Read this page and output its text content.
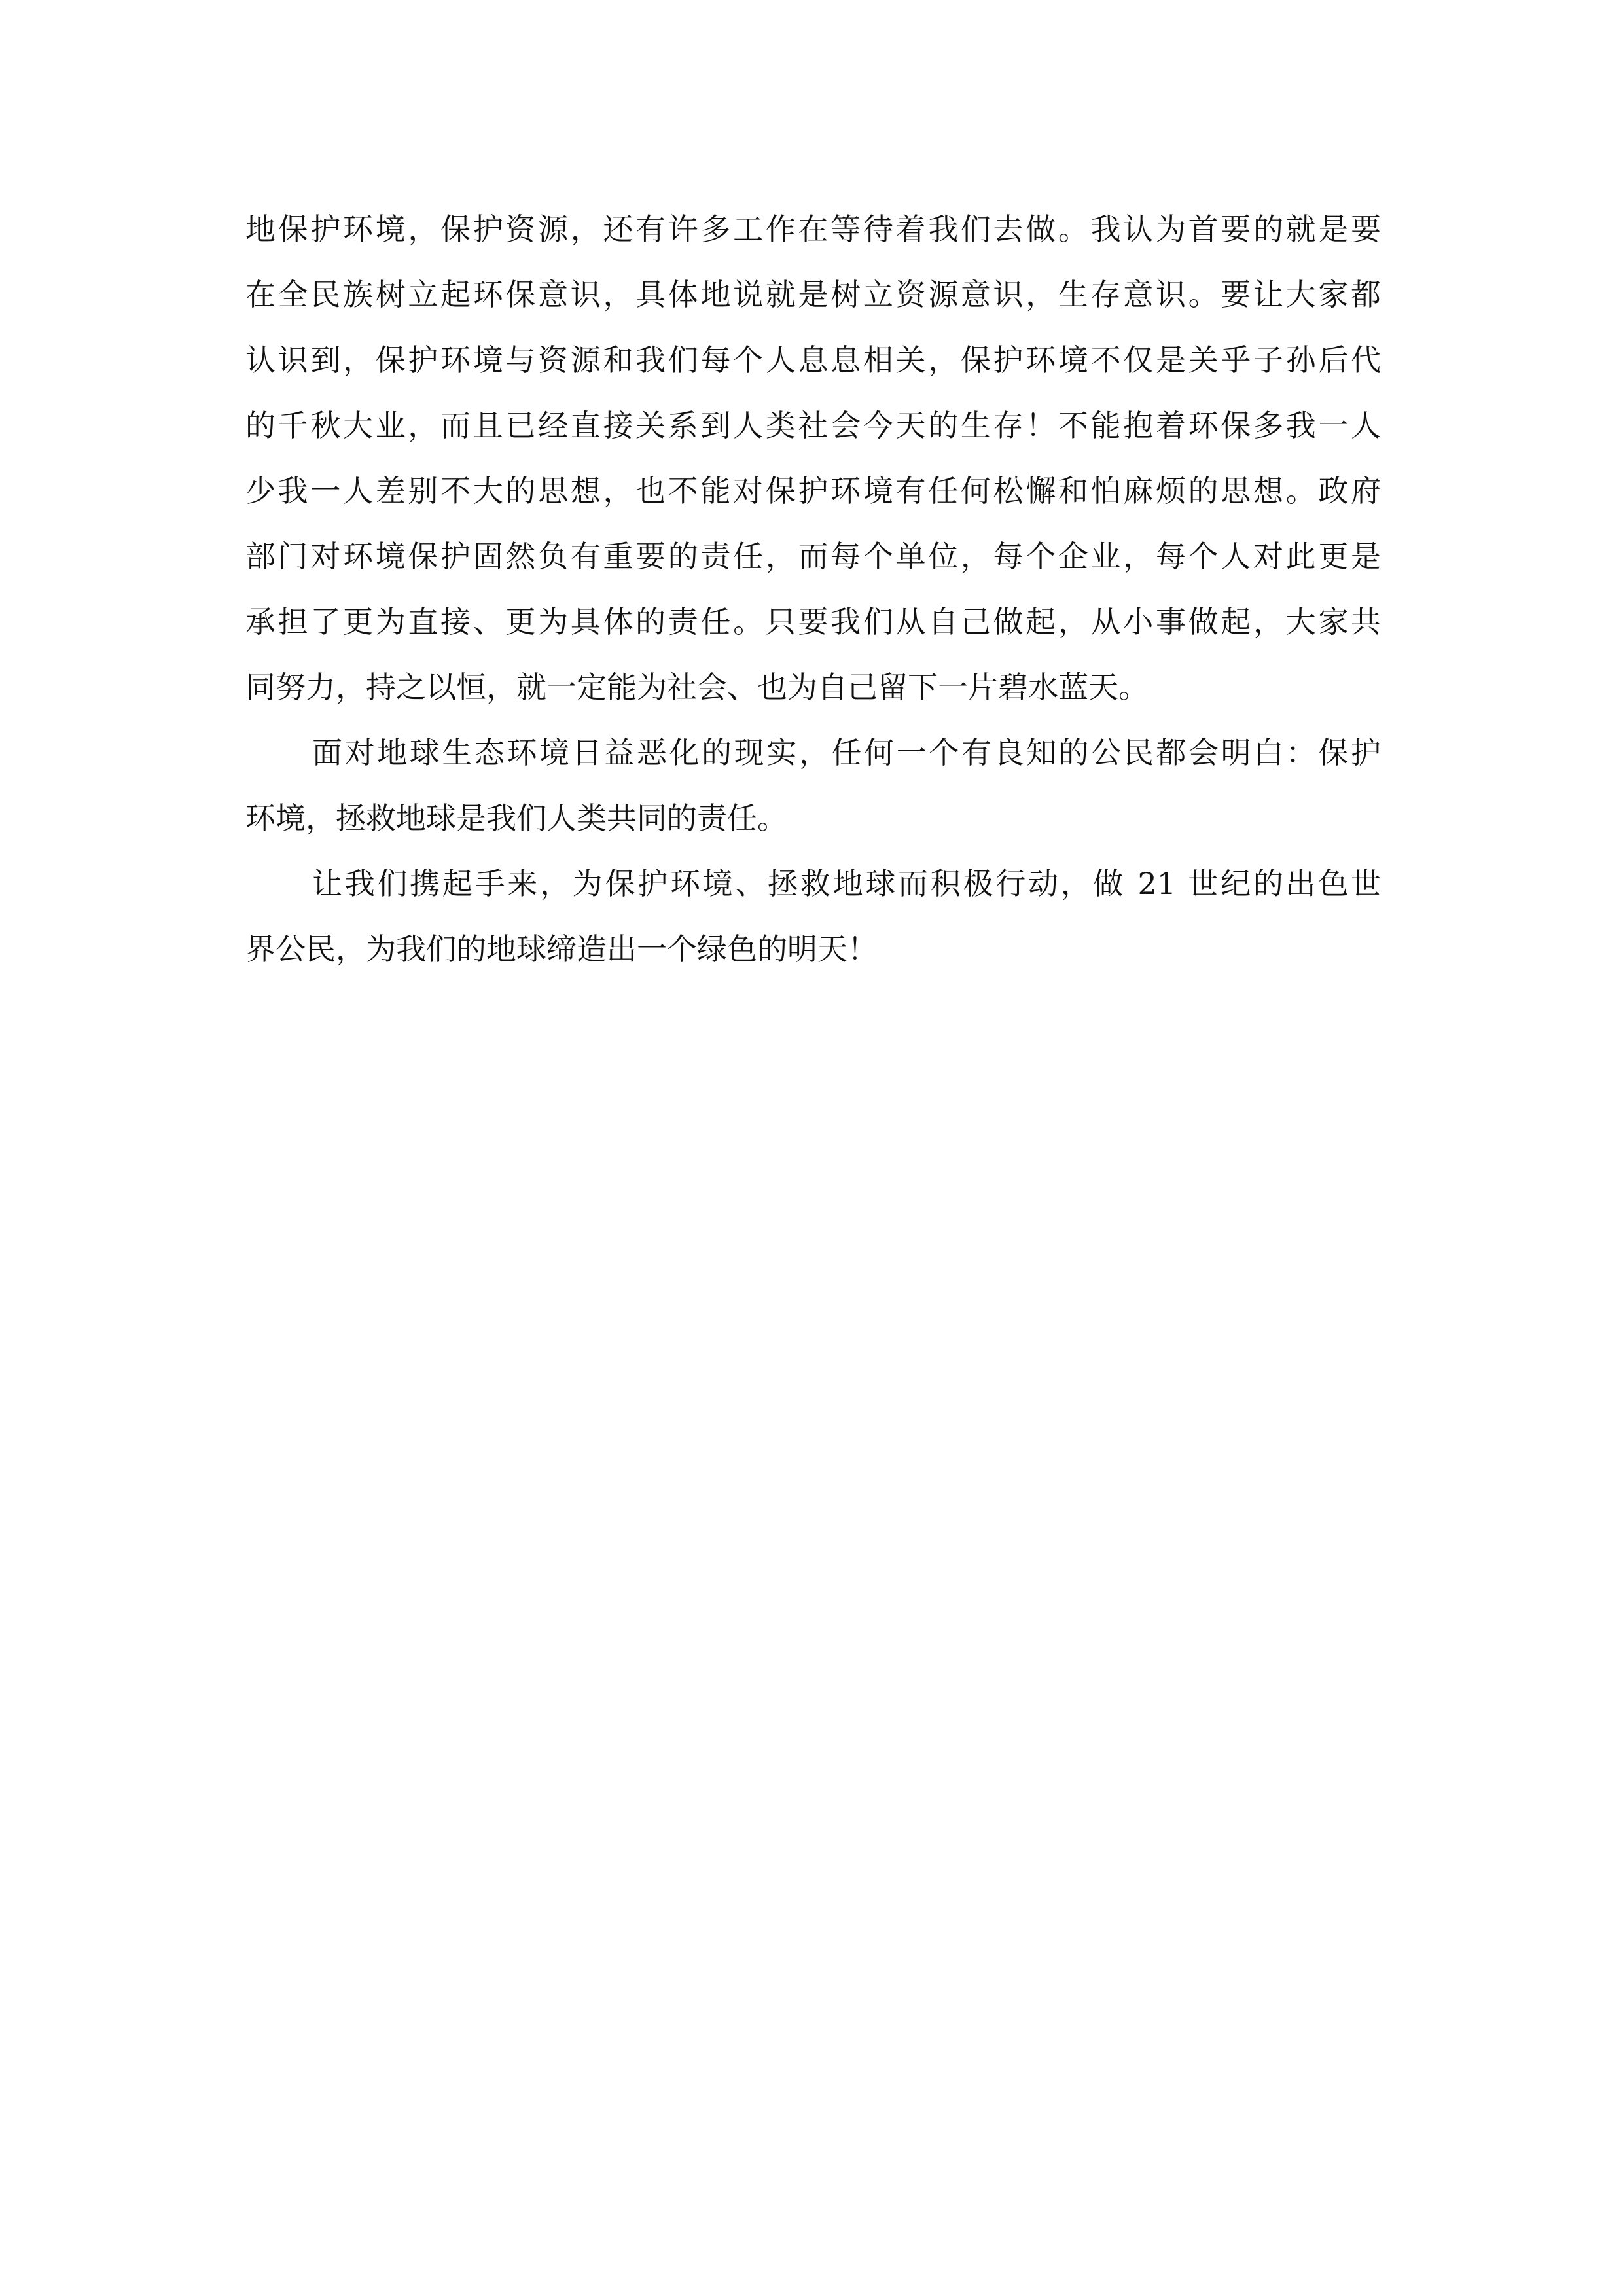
地保护环境，保护资源，还有许多工作在等待着我们去做。我认为首要的就是要
在全民族树立起环保意识，具体地说就是树立资源意识，生存意识。要让大家都
认识到，保护环境与资源和我们每个人息息相关，保护环境不仅是关乎子孙后代
的千秋大业，而且已经直接关系到人类社会今天的生存！不能抱着环保多我一人
少我一人差别不大的思想，也不能对保护环境有任何松懈和怕麻烦的思想。政府
部门对环境保护固然负有重要的责任，而每个单位，每个企业，每个人对此更是
承担了更为直接、更为具体的责任。只要我们从自己做起，从小事做起，大家共
同努力，持之以恒，就一定能为社会、也为自己留下一片碧水蓝天。
面对地球生态环境日益恶化的现实，任何一个有良知的公民都会明白：保护
环境，拯救地球是我们人类共同的责任。
让我们携起手来，为保护环境、拯救地球而积极行动，做 21 世纪的出色世
界公民，为我们的地球缔造出一个绿色的明天！
